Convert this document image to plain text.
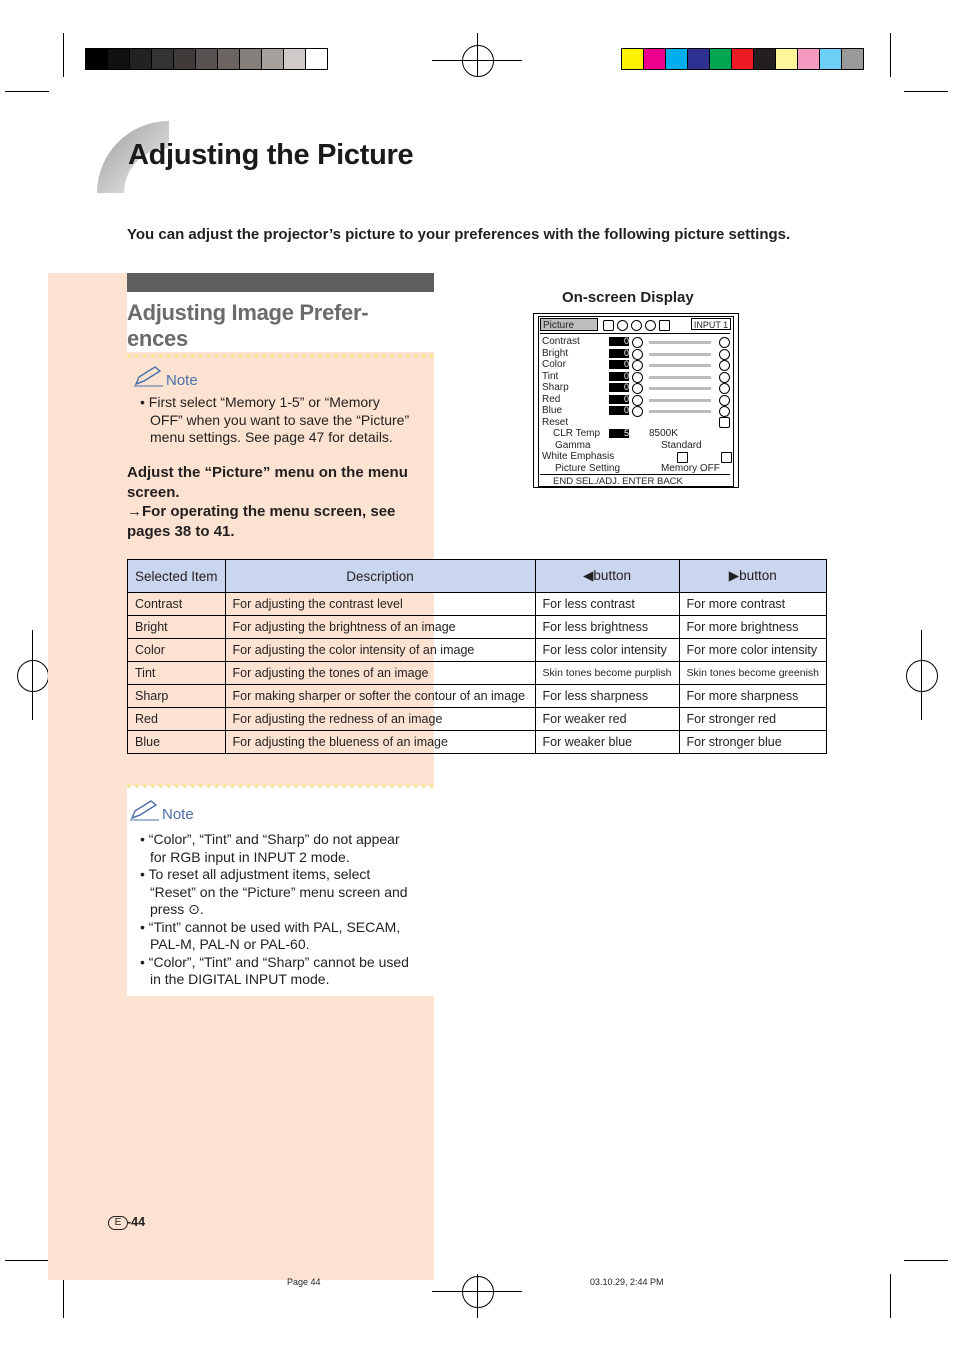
Adjusting the Picture
You can adjust the projector’s picture to your preferences with the following picture settings.
Adjusting Image Prefer-
ences
Note
• First select “Memory 1-5” or “Memory OFF” when you want to save the “Picture” menu settings. See page 47 for details.
Adjust the “Picture” menu on the menu screen.
→For operating the menu screen, see pages 38 to 41.
On-screen Display
Picture	INPUT 1
Contrast
Bright
Color
Tint
Sharp
Red
Blue
0
0
0
0
0
0
0
Reset
CLR Temp	5 8500K
Gamma	Standard
White Emphasis
Picture Setting	Memory OFF
END SEL./ADJ. ENTER BACK
Selected Item	Description	◀button	▶button
Contrast	For adjusting the contrast level	For less contrast	For more contrast
Bright	For adjusting the brightness of an image	For less brightness	For more brightness
Color	For adjusting the color intensity of an image	For less color intensity	For more color intensity
Tint	For adjusting the tones of an image	Skin tones become purplish	Skin tones become greenish
Sharp	For making sharper or softer the contour of an image	For less sharpness	For more sharpness
Red	For adjusting the redness of an image	For weaker red	For stronger red
Blue	For adjusting the blueness of an image	For weaker blue	For stronger blue
Note
• “Color”, “Tint” and “Sharp” do not appear for RGB input in INPUT 2 mode.
• To reset all adjustment items, select “Reset” on the “Picture” menu screen and press ⊙.
• “Tint” cannot be used with PAL, SECAM, PAL-M, PAL-N or PAL-60.
• “Color”, “Tint” and “Sharp” cannot be used in the DIGITAL INPUT mode.
E -44
Page 44	03.10.29, 2:44 PM
